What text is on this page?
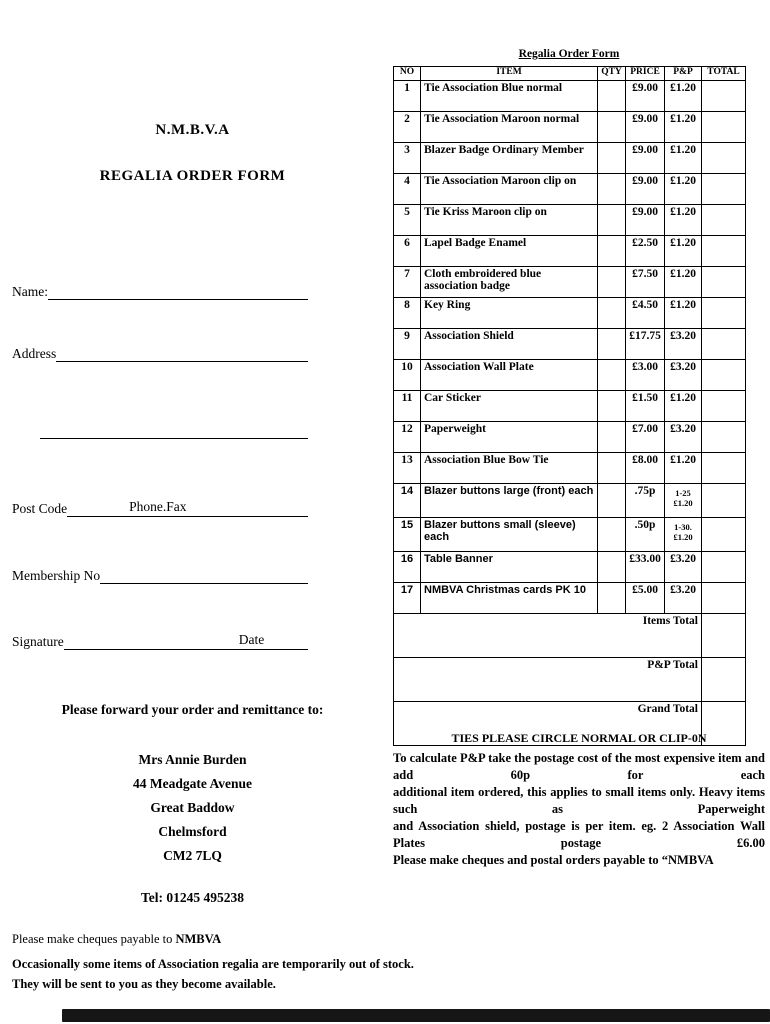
N.M.B.V.A
REGALIA ORDER FORM
Name:
Address
Post Code	Phone.Fax
Membership No
Signature	Date
Please forward your order and remittance to:
Mrs Annie Burden
44 Meadgate Avenue
Great Baddow
Chelmsford
CM2 7LQ
Tel: 01245 495238
Please make cheques payable to NMBVA
Occasionally some items of Association regalia are temporarily out of stock.
They will be sent to you as they become available.
Regalia Order Form
NO	ITEM	QTY	PRICE	P&P	TOTAL
1	Tie Association Blue normal		£9.00	£1.20	
2	Tie Association Maroon normal		£9.00	£1.20	
3	Blazer Badge Ordinary Member		£9.00	£1.20	
4	Tie Association Maroon clip on		£9.00	£1.20	
5	Tie Kriss Maroon clip on		£9.00	£1.20	
6	Lapel Badge Enamel		£2.50	£1.20	
7	Cloth embroidered blue association badge		£7.50	£1.20	
8	Key Ring		£4.50	£1.20	
9	Association Shield		£17.75	£3.20	
10	Association Wall Plate		£3.00	£3.20	
11	Car Sticker		£1.50	£1.20	
12	Paperweight		£7.00	£3.20	
13	Association Blue Bow Tie		£8.00	£1.20	
14	Blazer buttons large (front) each		.75p	1-25 £1.20	
15	Blazer buttons small (sleeve) each		.50p	1-30. £1.20	
16	Table Banner		£33.00	£3.20	
17	NMBVA Christmas cards PK 10		£5.00	£3.20	
Items Total					
P&P Total					
Grand Total					
TIES PLEASE CIRCLE NORMAL OR CLIP-0N
To calculate P&P take the postage cost of the most expensive item and add 60p for each
additional item ordered, this applies to small items only. Heavy items such as Paperweight
and Association shield, postage is per item. eg. 2 Association Wall Plates postage £6.00
Please make cheques and postal orders payable to “NMBVA
